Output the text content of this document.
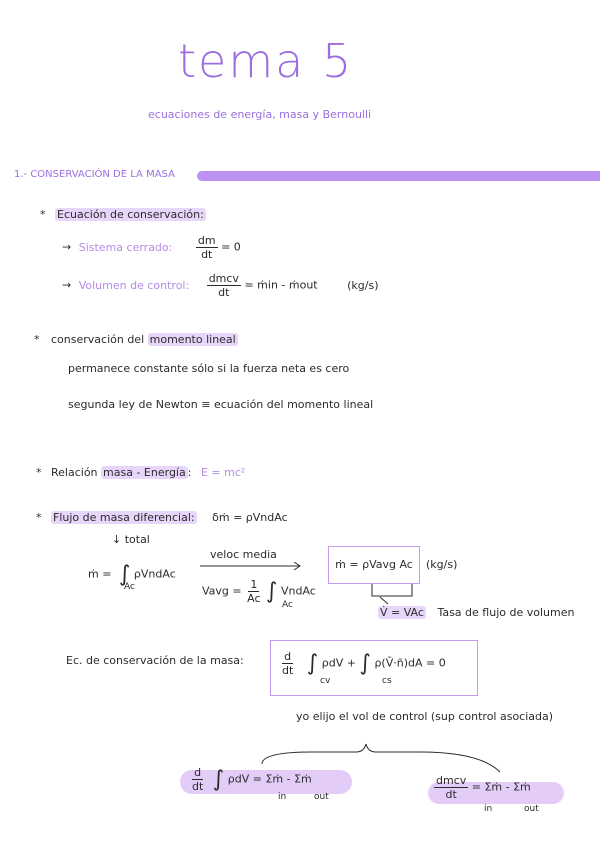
tema 5
ecuaciones de energía, masa y Bernoulli
1.- CONSERVACIÓN DE LA MASA
* Ecuación de conservación:
→ Sistema cerrado: $\frac{dm}{dt} = 0$
→ Volumen de control: $\frac{\text{dmcv}}{dt}$ = ṁin - ṁout	(kg/s)
* conservación del momento lineal
permanece constante sólo si la fuerza neta es cero
segunda ley de Newton ≡ ecuación del momento lineal
* Relación masa - Energía : E = mc²
* Flujo de masa diferencial: δṁ = ρVndAc
↓ total
ṁ = ∫ ρVndAc
Ac
veloc media
Vavg = $\frac{1}{Ac}$ ∫ VndAc
Ac
ṁ = ρVavg Ac	(kg/s)
V̇ = VAc Tasa de flujo de volumen
Ec. de conservación de la masa:	$\frac{d}{dt}$ ∫ ρdV + ∫ ρ(V̄·n̄)dA = 0
cv	cs
yo elijo el vol de control (sup control asociada)
$\frac{d}{dt}$ ∫ ρdV = Σṁ - Σṁ
in	out	$\frac{\text{dmcv}}{dt}$ = Σṁ - Σṁ
in	out
